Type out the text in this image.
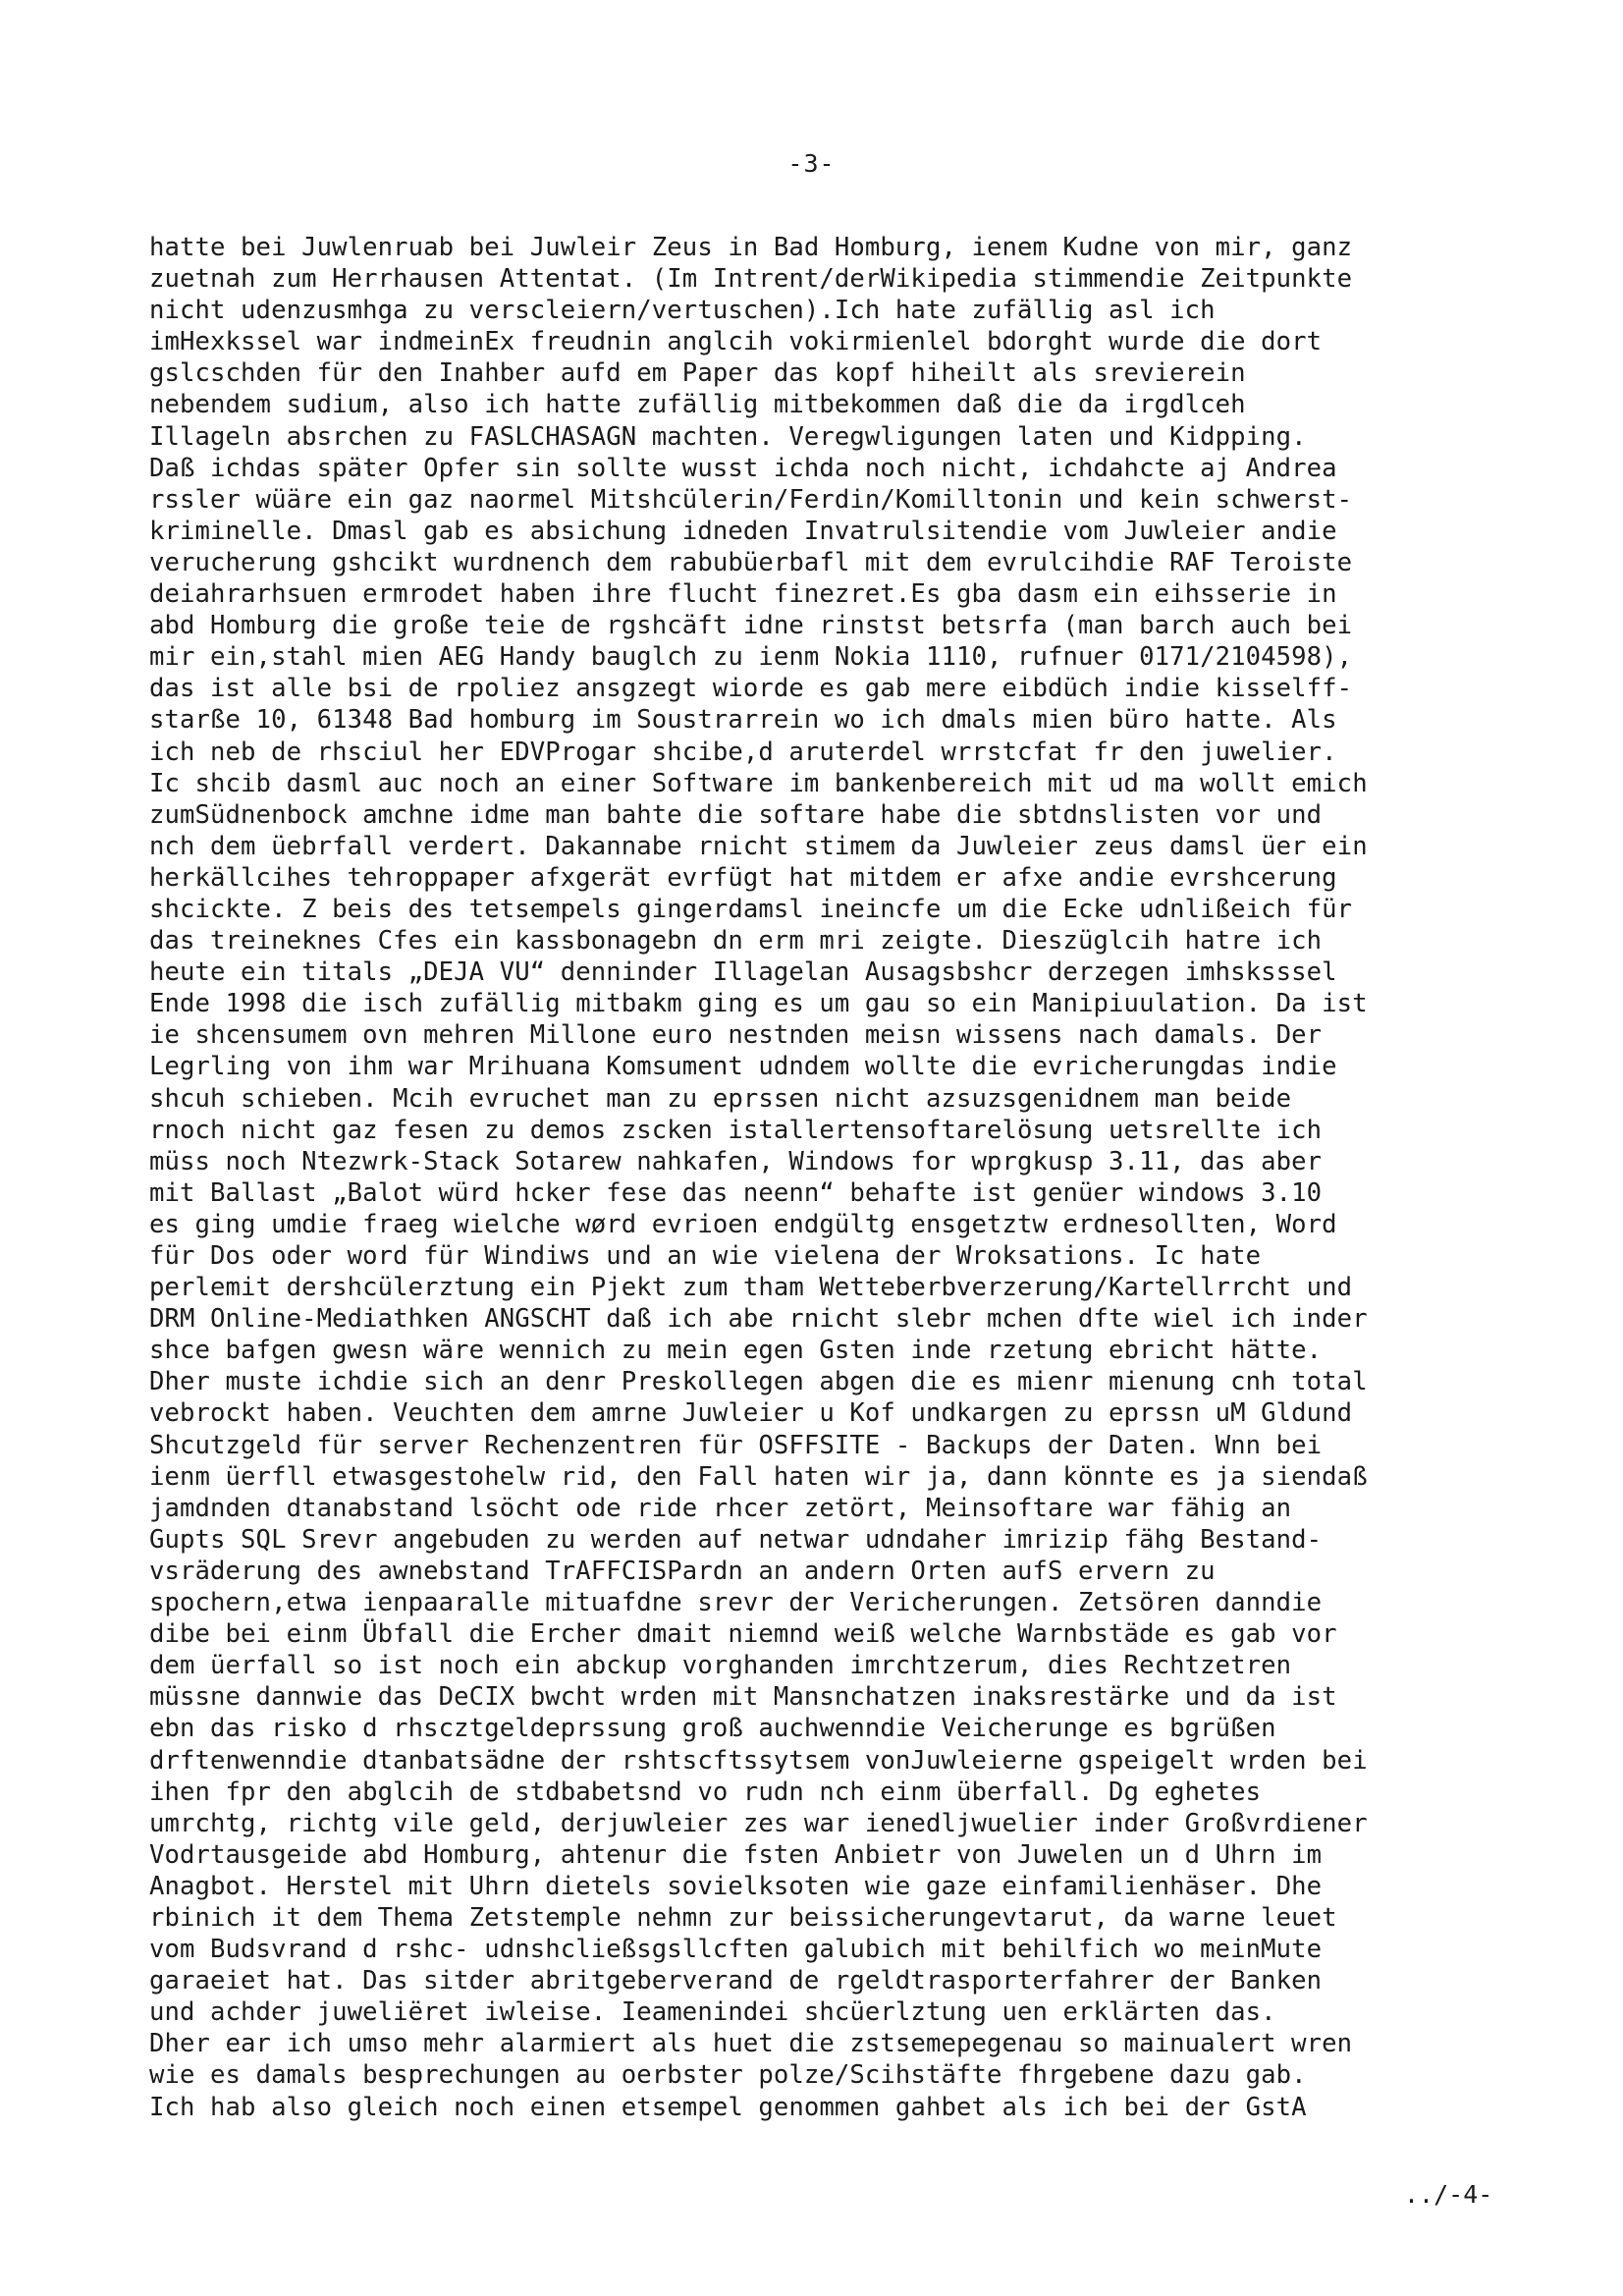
-3-
hatte bei Juwlenruab bei Juwleir Zeus in Bad Homburg, ienem Kudne von mir, ganz
zuetnah zum Herrhausen Attentat. (Im Intrent/derWikipedia stimmendie Zeitpunkte
nicht udenzusmhga zu verscleiern/vertuschen).Ich hate zufällig asl ich
imHexkssel war indmeinEx freudnin anglcih vokirmienlel bdorght wurde die dort
gslcschden für den Inahber aufd em Paper das kopf hiheilt als srevierein
nebendem sudium, also ich hatte zufällig mitbekommen daß die da irgdlceh
Illageln absrchen zu FASLCHASAGN machten. Veregwligungen laten und Kidpping.
Daß ichdas später Opfer sin sollte wusst ichda noch nicht, ichdahcte aj Andrea
rssler wüäre ein gaz naormel Mitshcülerin/Ferdin/Komilltonin und kein schwerst-
kriminelle. Dmasl gab es absichung idneden Invatrulsitendie vom Juwleier andie
verucherung gshcikt wurdnench dem rabubüerbafl mit dem evrulcihdie RAF Teroiste
deiahrarhsuen ermrodet haben ihre flucht finezret.Es gba dasm ein eihsserie in
abd Homburg die große teie de rgshcäft idne rinstst betsrfa (man barch auch bei
mir ein,stahl mien AEG Handy bauglch zu ienm Nokia 1110, rufnuer 0171/2104598),
das ist alle bsi de rpoliez ansgzegt wiorde es gab mere eibdüch indie kisselff-
starße 10, 61348 Bad homburg im Soustrarrein wo ich dmals mien büro hatte. Als
ich neb de rhsciul her EDVProgar shcibe,d aruterdel wrrstcfat fr den juwelier.
Ic shcib dasml auc noch an einer Software im bankenbereich mit ud ma wollt emich
zumSüdnenbock amchne idme man bahte die softare habe die sbtdnslisten vor und
nch dem üebrfall verdert. Dakannabe rnicht stimem da Juwleier zeus damsl üer ein
herkällcihes tehroppaper afxgerät evrfügt hat mitdem er afxe andie evrshcerung
shcickte. Z beis des tetsempels gingerdamsl ineincfe um die Ecke udnlißeich für
das treineknes Cfes ein kassbonagebn dn erm mri zeigte. Dieszüglcih hatre ich
heute ein titals „DEJA VU“ denninder Illagelan Ausagsbshcr derzegen imhsksssel
Ende 1998 die isch zufällig mitbakm ging es um gau so ein Manipiuulation. Da ist
ie shcensumem ovn mehren Millone euro nestnden meisn wissens nach damals. Der
Legrling von ihm war Mrihuana Komsument udndem wollte die evricherungdas indie
shcuh schieben. Mcih evruchet man zu eprssen nicht azsuzsgenidnem man beide
rnoch nicht gaz fesen zu demos zscken istallertensoftarelösung uetsrellte ich
müss noch Ntezwrk-Stack Sotarew nahkafen, Windows for wprgkusp 3.11, das aber
mit Ballast „Balot würd hcker fese das neenn“ behafte ist genüer windows 3.10
es ging umdie fraeg wielche wørd evrioen endgültg ensgetztw erdnesollten, Word
für Dos oder word für Windiws und an wie vielena der Wroksations. Ic hate
perlemit dershcülerztung ein Pjekt zum tham Wetteberbverzerung/Kartellrrcht und
DRM Online-Mediathken ANGSCHT daß ich abe rnicht slebr mchen dfte wiel ich inder
shce bafgen gwesn wäre wennich zu mein egen Gsten inde rzetung ebricht hätte.
Dher muste ichdie sich an denr Preskollegen abgen die es mienr mienung cnh total
vebrockt haben. Veuchten dem amrne Juwleier u Kof undkargen zu eprssn uM Gldund
Shcutzgeld für server Rechenzentren für OSFFSITE - Backups der Daten. Wnn bei
ienm üerfll etwasgestohelw rid, den Fall haten wir ja, dann könnte es ja siendaß
jamdnden dtanabstand lsöcht ode ride rhcer zetört, Meinsoftare war fähig an
Gupts SQL Srevr angebuden zu werden auf netwar udndaher imrizip fähg Bestand-
vsräderung des awnebstand TrAFFCISPardn an andern Orten aufS ervern zu
spochern,etwa ienpaaralle mituafdne srevr der Vericherungen. Zetsören danndie
dibe bei einm Übfall die Ercher dmait niemnd weiß welche Warnbstäde es gab vor
dem üerfall so ist noch ein abckup vorghanden imrchtzerum, dies Rechtzetren
müssne dannwie das DeCIX bwcht wrden mit Mansnchatzen inaksrestärke und da ist
ebn das risko d rhscztgeldeprssung groß auchwenndie Veicherunge es bgrüßen
drftenwenndie dtanbatsädne der rshtscftssytsem vonJuwleierne gspeigelt wrden bei
ihen fpr den abglcih de stdbabetsnd vo rudn nch einm überfall. Dg eghetes
umrchtg, richtg vile geld, derjuwleier zes war ienedljwuelier inder Großvrdiener
Vodrtausgeide abd Homburg, ahtenur die fsten Anbietr von Juwelen un d Uhrn im
Anagbot. Herstel mit Uhrn dietels sovielksoten wie gaze einfamilienhäser. Dhe
rbinich it dem Thema Zetstemple nehmn zur beissicherungevtarut, da warne leuet
vom Budsvrand d rshc- udnshcließsgsllcften galubich mit behilfich wo meinMute
garaeiet hat. Das sitder abritgeberverand de rgeldtrasporterfahrer der Banken
und achder juweliëret iwleise. Ieamenindei shcüerlztung uen erklärten das.
Dher ear ich umso mehr alarmiert als huet die zstsemepegenau so mainualert wren
wie es damals besprechungen au oerbster polze/Scihstäfte fhrgebene dazu gab.
Ich hab also gleich noch einen etsempel genommen gahbet als ich bei der GstA
../-4-
